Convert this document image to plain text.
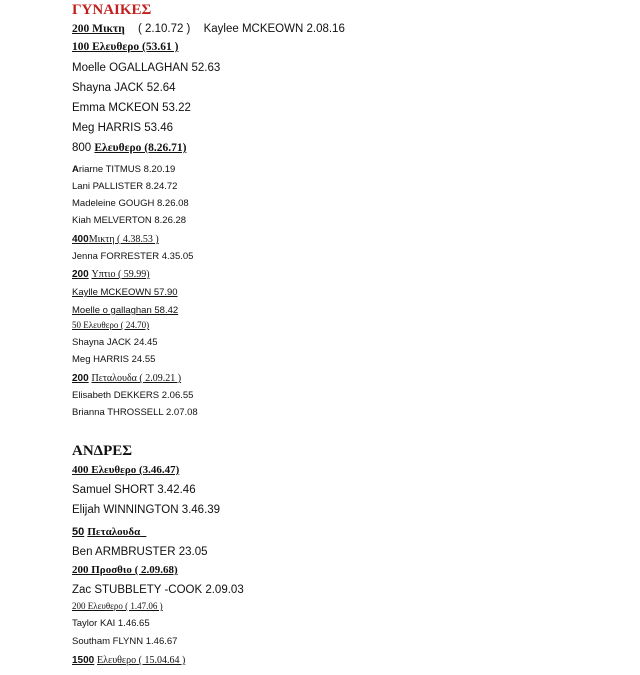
ΓΥΝΑΙΚΕΣ
200 Μικτη ( 2.10.72 ) Kaylee MCKEOWN 2.08.16
100 Ελευθερο (53.61 )
Moelle OGALLAGHAN 52.63
Shayna JACK 52.64
Emma MCKEON 53.22
Meg HARRIS 53.46
800 Ελευθερο (8.26.71)
Ariarne TITMUS 8.20.19
Lani PALLISTER 8.24.72
Madeleine GOUGH 8.26.08
Kiah MELVERTON 8.26.28
400Μικτη ( 4.38.53 )
Jenna FORRESTER 4.35.05
200 Υπτιο ( 59.99)
Kaylle MCKEOWN 57.90
Moelle o gallaghan 58.42
50 Ελευθερο ( 24.70)
Shayna JACK 24.45
Meg HARRIS 24.55
200 Πεταλουδα ( 2.09.21 )
Elisabeth DEKKERS 2.06.55
Brianna THROSSELL 2.07.08
ΑΝΔΡΕΣ
400 Ελευθερο (3.46.47)
Samuel SHORT 3.42.46
Elijah WINNINGTON 3.46.39
50 Πεταλουδα
Ben ARMBRUSTER 23.05
200 Προσθιο ( 2.09.68)
Zac STUBBLETY -COOK 2.09.03
200 Ελευθερο ( 1.47.06 )
Taylor KAI 1.46.65
Southam FLYNN 1.46.67
1500 Ελευθερο ( 15.04.64 )
